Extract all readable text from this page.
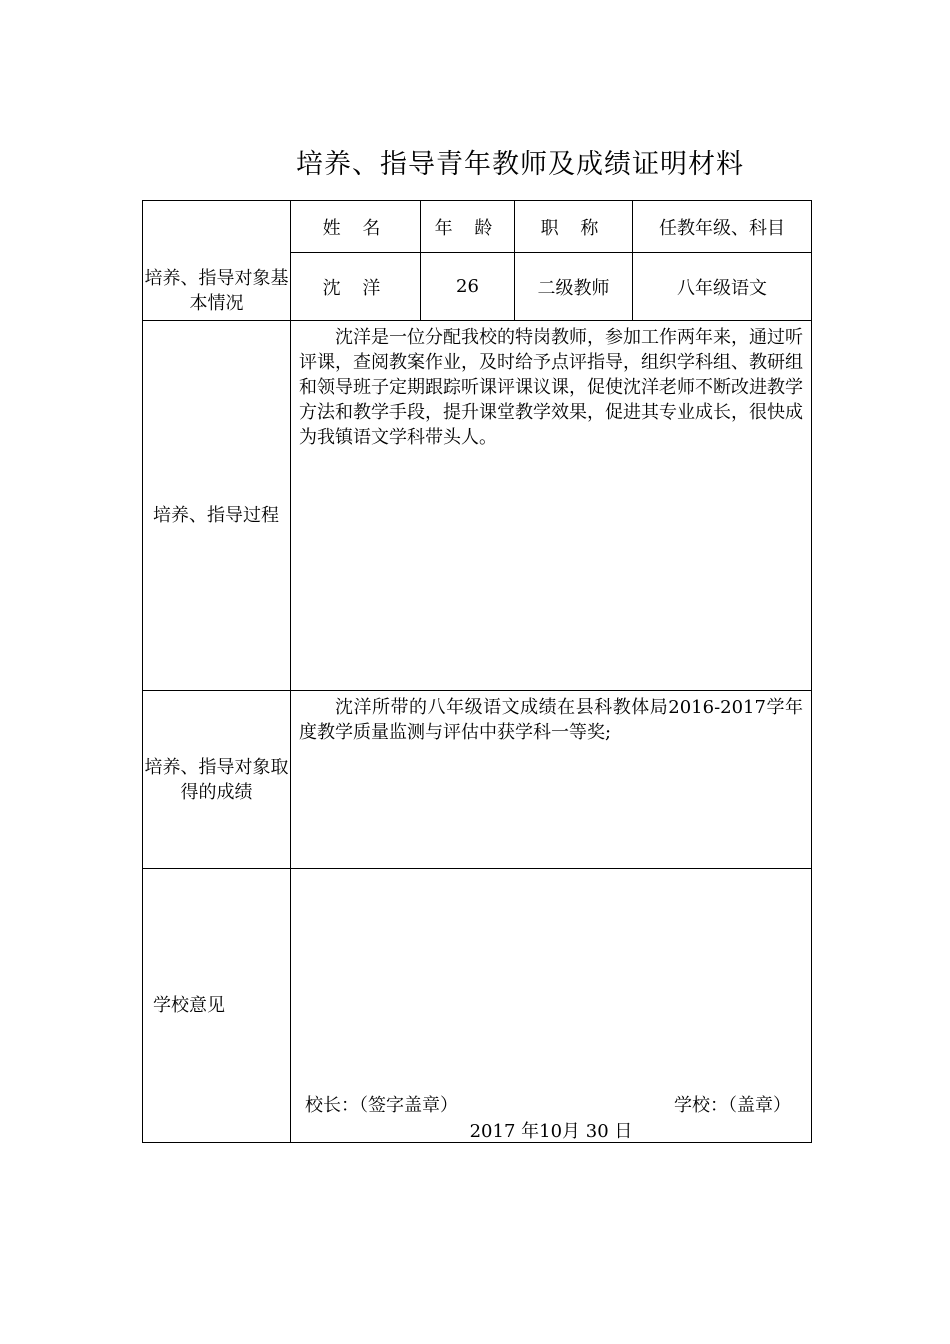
培养、指导青年教师及成绩证明材料
培养、指导对象基本情况	姓 名	年 龄	职 称	任教年级、科目
	沈 洋	26	二级教师	八年级语文
培养、指导过程	沈洋是一位分配我校的特岗教师，参加工作两年来，通过听评课，查阅教案作业，及时给予点评指导，组织学科组、教研组和领导班子定期跟踪听课评课议课，促使沈洋老师不断改进教学方法和教学手段，提升课堂教学效果，促进其专业成长，很快成为我镇语文学科带头人。			
培养、指导对象取得的成绩	沈洋所带的八年级语文成绩在县科教体局2016-2017学年度教学质量监测与评估中获学科一等奖;			
学校意见	校长：（签字盖章） 学校：（盖章）
2017 年10月 30 日			
